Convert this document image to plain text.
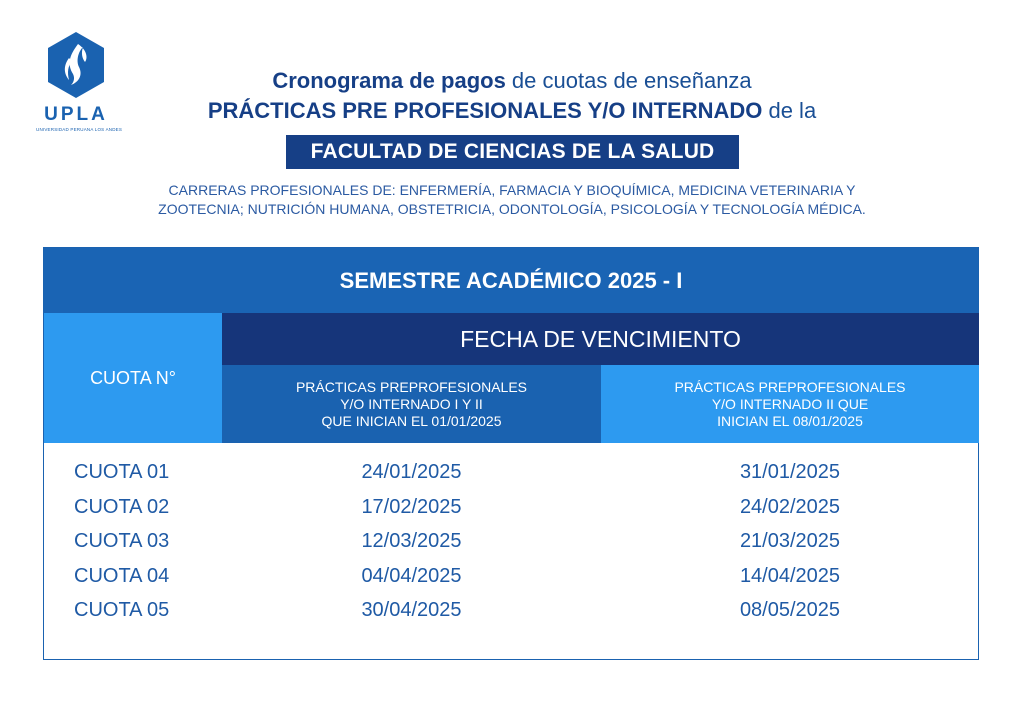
UPLA
UNIVERSIDAD PERUANA LOS ANDES
Cronograma de pagos de cuotas de enseñanza
PRÁCTICAS PRE PROFESIONALES Y/O INTERNADO de la
FACULTAD DE CIENCIAS DE LA SALUD
CARRERAS PROFESIONALES DE: ENFERMERÍA, FARMACIA Y BIOQUÍMICA, MEDICINA VETERINARIA Y
ZOOTECNIA; NUTRICIÓN HUMANA, OBSTETRICIA, ODONTOLOGÍA, PSICOLOGÍA Y TECNOLOGÍA MÉDICA.
SEMESTRE ACADÉMICO 2025 - I
CUOTA N°
FECHA DE VENCIMIENTO
PRÁCTICAS PREPROFESIONALES
Y/O INTERNADO I Y II
QUE INICIAN EL 01/01/2025
PRÁCTICAS PREPROFESIONALES
Y/O INTERNADO II QUE
INICIAN EL 08/01/2025
CUOTA 01	24/01/2025	31/01/2025
CUOTA 02	17/02/2025	24/02/2025
CUOTA 03	12/03/2025	21/03/2025
CUOTA 04	04/04/2025	14/04/2025
CUOTA 05	30/04/2025	08/05/2025
